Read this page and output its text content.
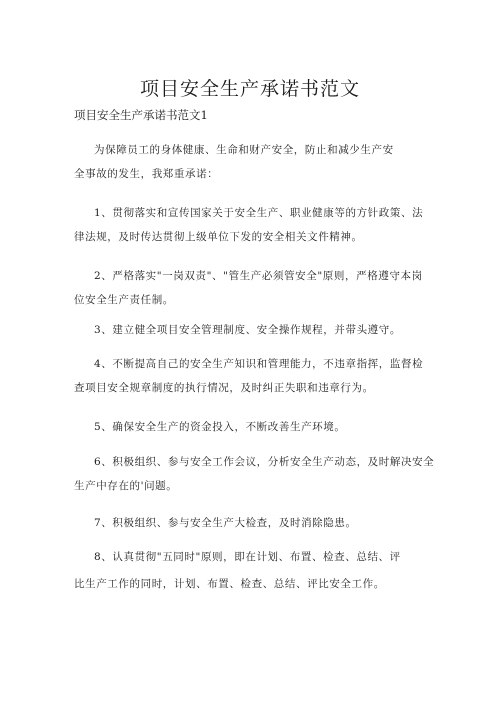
项目安全生产承诺书范文
项目安全生产承诺书范文1
为保障员工的身体健康、生命和财产安全，防止和减少生产安
全事故的发生，我郑重承诺：
1、贯彻落实和宣传国家关于安全生产、职业健康等的方针政策、法
律法规，及时传达贯彻上级单位下发的安全相关文件精神。
2、严格落实"一岗双责"、"管生产必须管安全"原则，严格遵守本岗
位安全生产责任制。
3、建立健全项目安全管理制度、安全操作规程，并带头遵守。
4、不断提高自己的安全生产知识和管理能力，不违章指挥，监督检
查项目安全规章制度的执行情况，及时纠正失职和违章行为。
5、确保安全生产的资金投入，不断改善生产环境。
6、积极组织、参与安全工作会议，分析安全生产动态，及时解决安全
生产中存在的'问题。
7、积极组织、参与安全生产大检查，及时消除隐患。
8、认真贯彻"五同时"原则，即在计划、布置、检查、总结、评
比生产工作的同时，计划、布置、检查、总结、评比安全工作。
